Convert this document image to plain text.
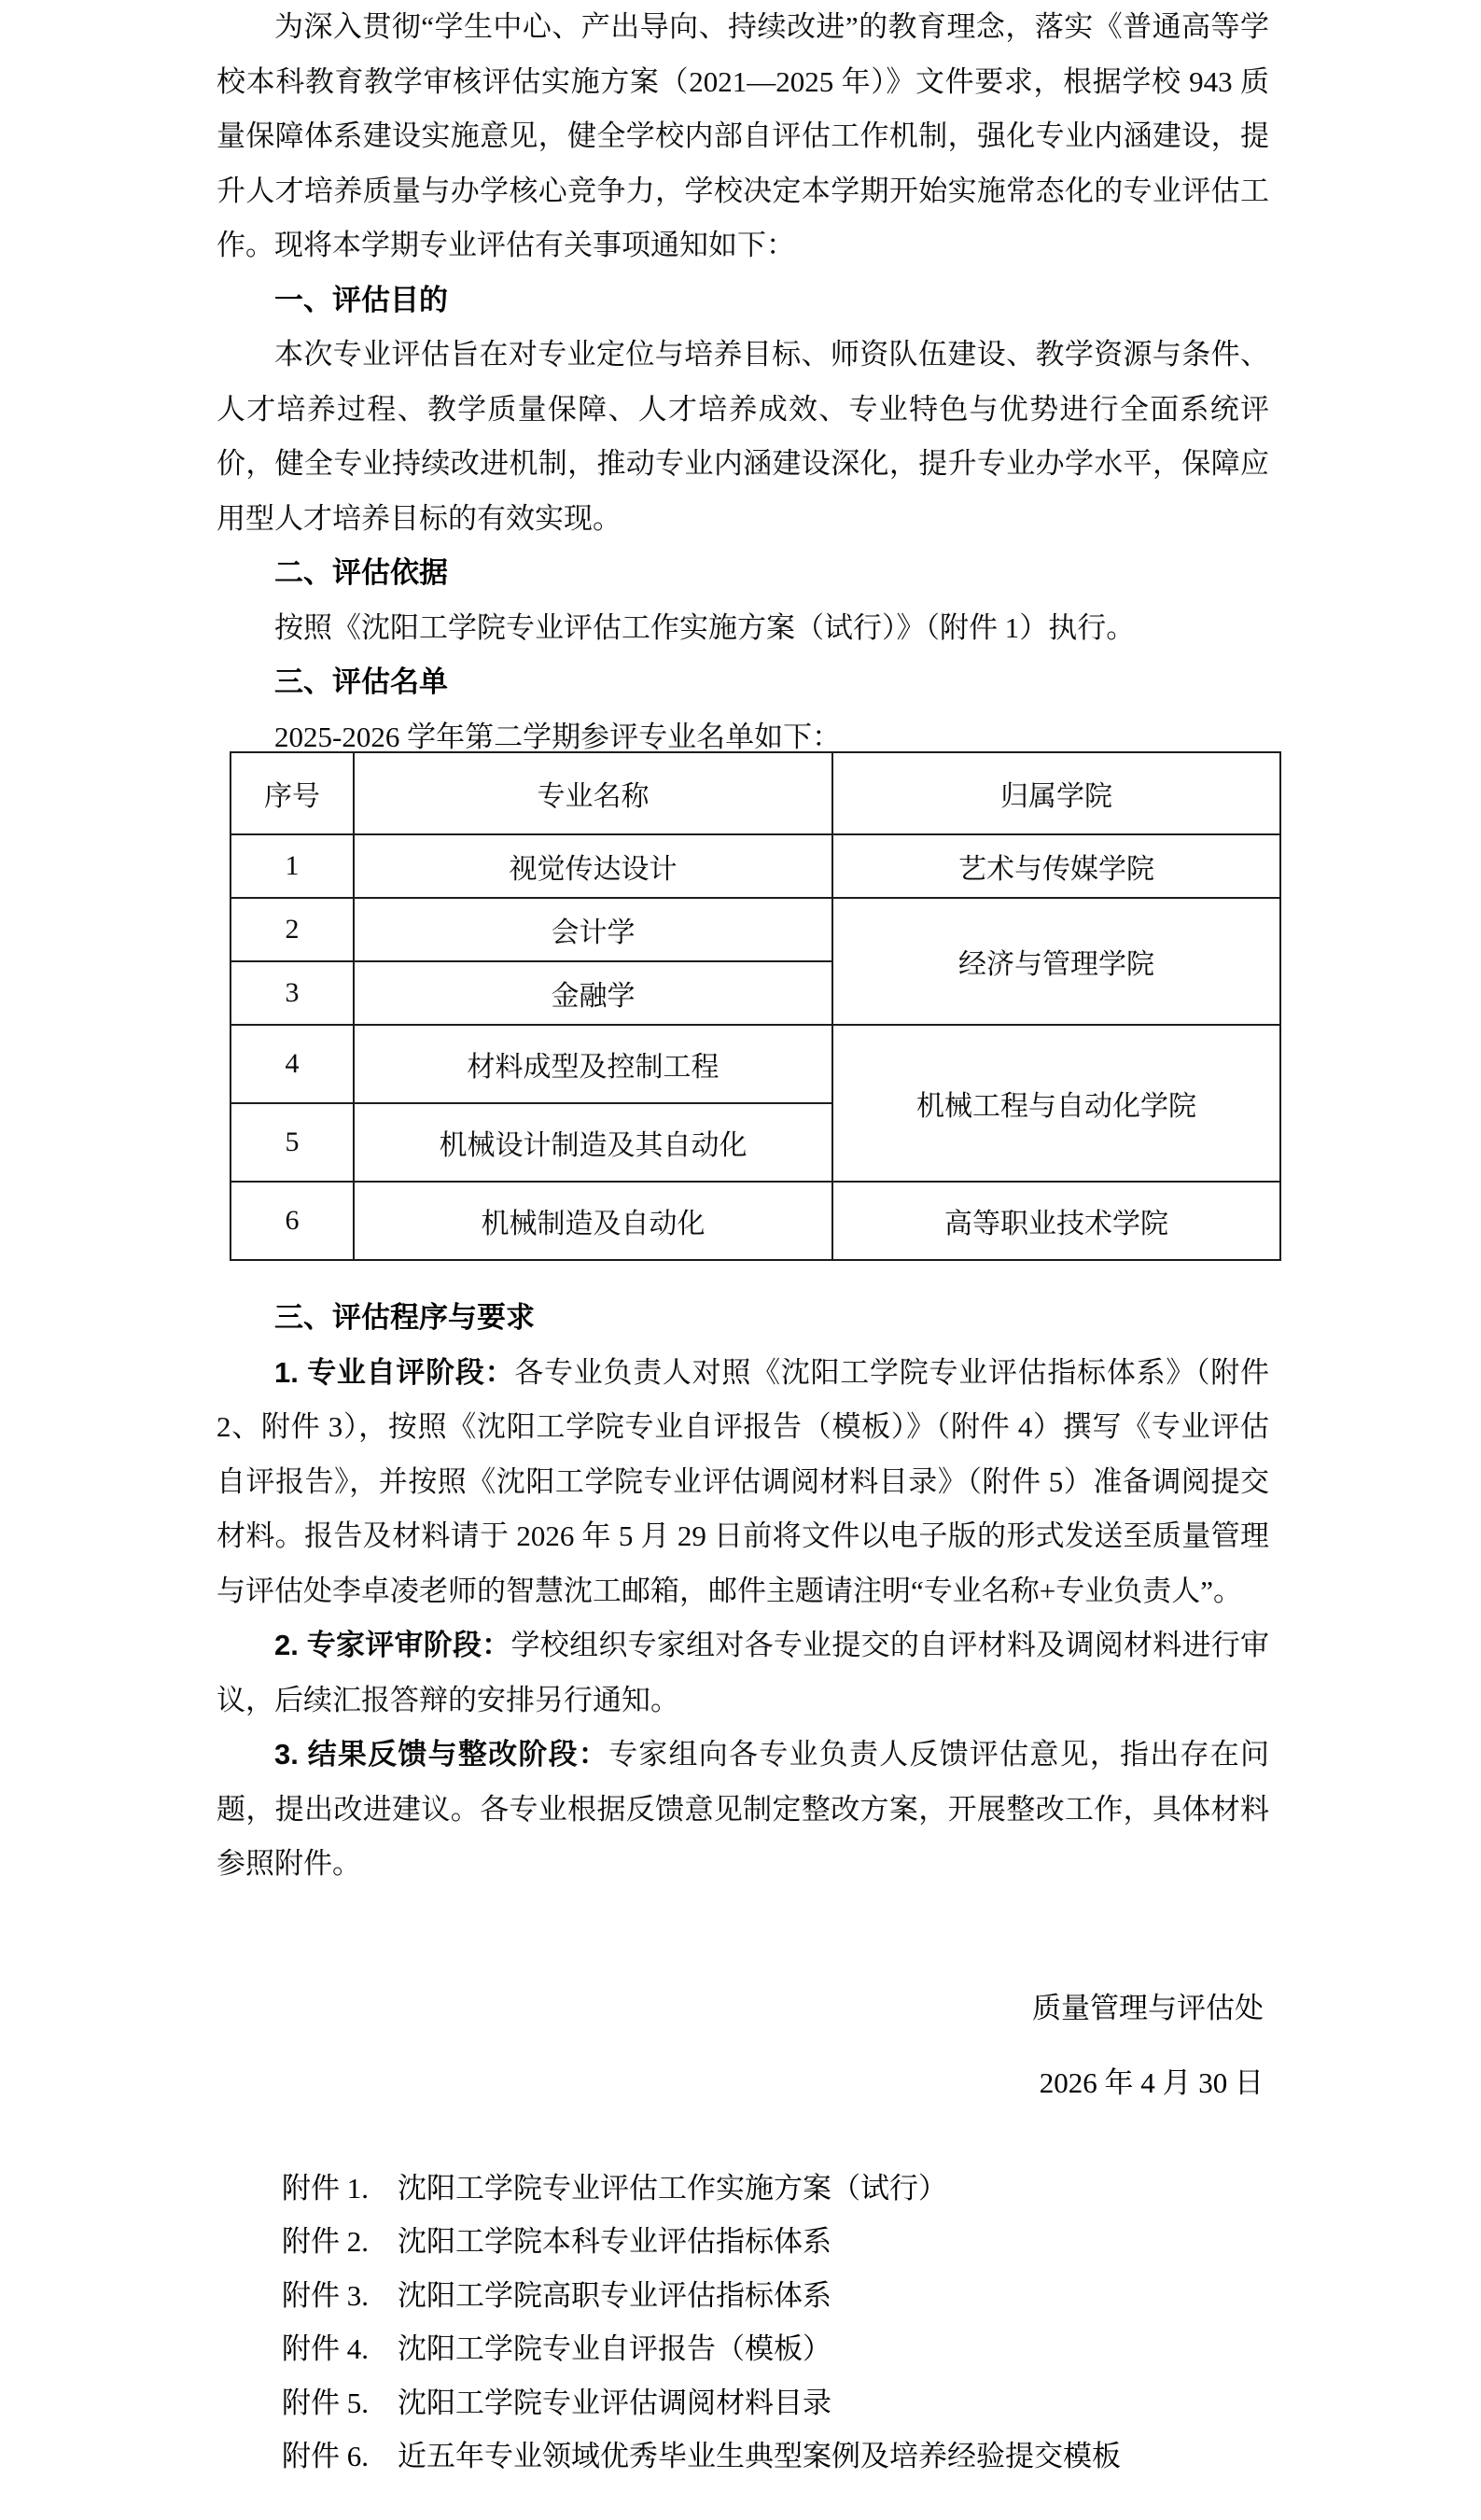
为深入贯彻“学生中心、产出导向、持续改进”的教育理念，落实《普通高等学校本科教育教学审核评估实施方案（2021—2025 年）》文件要求，根据学校 943 质量保障体系建设实施意见，健全学校内部自评估工作机制，强化专业内涵建设，提升人才培养质量与办学核心竞争力，学校决定本学期开始实施常态化的专业评估工作。现将本学期专业评估有关事项通知如下：

一、评估目的

本次专业评估旨在对专业定位与培养目标、师资队伍建设、教学资源与条件、人才培养过程、教学质量保障、人才培养成效、专业特色与优势进行全面系统评价，健全专业持续改进机制，推动专业内涵建设深化，提升专业办学水平，保障应用型人才培养目标的有效实现。

二、评估依据

按照《沈阳工学院专业评估工作实施方案（试行）》（附件 1）执行。

三、评估名单

2025-2026 学年第二学期参评专业名单如下：

序号	专业名称	归属学院
1	视觉传达设计	艺术与传媒学院
2	会计学	经济与管理学院
3	金融学	
4	材料成型及控制工程	机械工程与自动化学院
5	机械设计制造及其自动化	
6	机械制造及自动化	高等职业技术学院
三、评估程序与要求

1. 专业自评阶段：各专业负责人对照《沈阳工学院专业评估指标体系》（附件 2、附件 3），按照《沈阳工学院专业自评报告（模板）》（附件 4）撰写《专业评估自评报告》，并按照《沈阳工学院专业评估调阅材料目录》（附件 5）准备调阅提交材料。报告及材料请于 2026 年 5 月 29 日前将文件以电子版的形式发送至质量管理与评估处李卓凌老师的智慧沈工邮箱，邮件主题请注明“专业名称+专业负责人”。

2. 专家评审阶段：学校组织专家组对各专业提交的自评材料及调阅材料进行审议，后续汇报答辩的安排另行通知。

3. 结果反馈与整改阶段：专家组向各专业负责人反馈评估意见，指出存在问题，提出改进建议。各专业根据反馈意见制定整改方案，开展整改工作，具体材料参照附件。

质量管理与评估处

2026 年 4 月 30 日

附件 1.　沈阳工学院专业评估工作实施方案（试行）

附件 2.　沈阳工学院本科专业评估指标体系

附件 3.　沈阳工学院高职专业评估指标体系

附件 4.　沈阳工学院专业自评报告（模板）

附件 5.　沈阳工学院专业评估调阅材料目录

附件 6.　近五年专业领域优秀毕业生典型案例及培养经验提交模板
